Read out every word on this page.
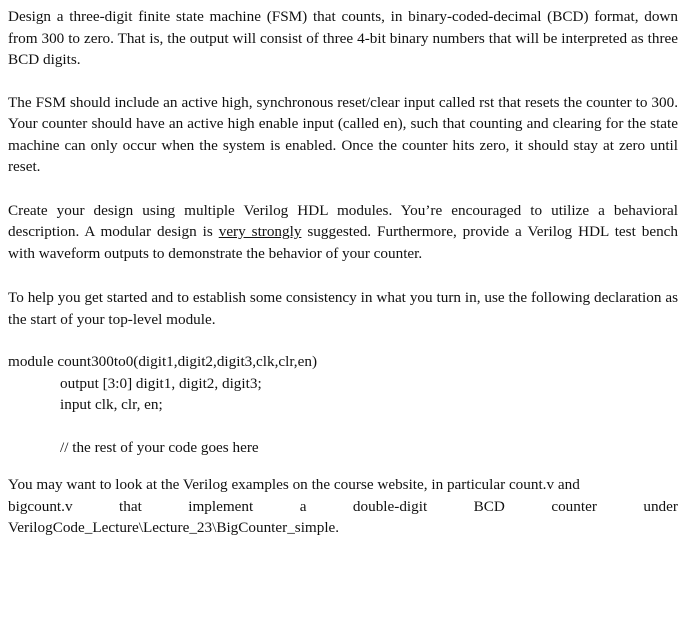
Design a three-digit finite state machine (FSM) that counts, in binary-coded-decimal (BCD) format, down from 300 to zero. That is, the output will consist of three 4-bit binary numbers that will be interpreted as three BCD digits.

The FSM should include an active high, synchronous reset/clear input called rst that resets the counter to 300. Your counter should have an active high enable input (called en), such that counting and clearing for the state machine can only occur when the system is enabled. Once the counter hits zero, it should stay at zero until reset.

Create your design using multiple Verilog HDL modules. You’re encouraged to utilize a behavioral description. A modular design is very strongly suggested. Furthermore, provide a Verilog HDL test bench with waveform outputs to demonstrate the behavior of your counter.

To help you get started and to establish some consistency in what you turn in, use the following declaration as the start of your top-level module.

module count300to0(digit1,digit2,digit3,clk,clr,en)
output [3:0] digit1, digit2, digit3;
input clk, clr, en;
// the rest of your code goes here
You may want to look at the Verilog examples on the course website, in particular count.v and
bigcount.v	that	implement	a	double-digit	BCD	counter	under
VerilogCode_Lecture\Lecture_23\BigCounter_simple.
